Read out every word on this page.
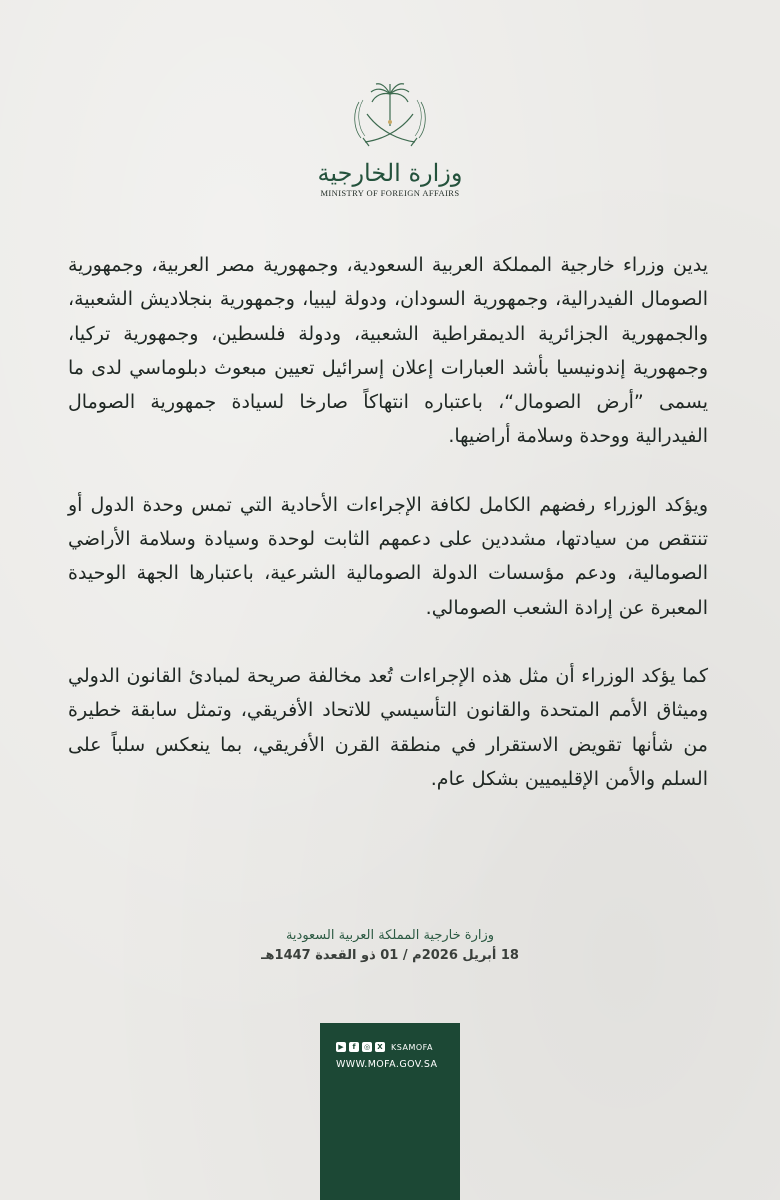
وزارة الخارجية
MINISTRY OF FOREIGN AFFAIRS

يدين وزراء خارجية المملكة العربية السعودية، وجمهورية مصر العربية، وجمهورية الصومال الفيدرالية، وجمهورية السودان، ودولة ليبيا، وجمهورية بنجلاديش الشعبية، والجمهورية الجزائرية الديمقراطية الشعبية، ودولة فلسطين، وجمهورية تركيا، وجمهورية إندونيسيا بأشد العبارات إعلان إسرائيل تعيين مبعوث دبلوماسي لدى ما يسمى ”أرض الصومال“، باعتباره انتهاكاً صارخا لسيادة جمهورية الصومال الفيدرالية ووحدة وسلامة أراضيها.

ويؤكد الوزراء رفضهم الكامل لكافة الإجراءات الأحادية التي تمس وحدة الدول أو تنتقص من سيادتها، مشددين على دعمهم الثابت لوحدة وسيادة وسلامة الأراضي الصومالية، ودعم مؤسسات الدولة الصومالية الشرعية، باعتبارها الجهة الوحيدة المعبرة عن إرادة الشعب الصومالي.

كما يؤكد الوزراء أن مثل هذه الإجراءات تُعد مخالفة صريحة لمبادئ القانون الدولي وميثاق الأمم المتحدة والقانون التأسيسي للاتحاد الأفريقي، وتمثل سابقة خطيرة من شأنها تقويض الاستقرار في منطقة القرن الأفريقي، بما ينعكس سلباً على السلم والأمن الإقليميين بشكل عام.

وزارة خارجية المملكة العربية السعودية
18 أبريل 2026م / 01 ذو القعدة 1447هـ
▶	f	◎	X KSAMOFA
WWW.MOFA.GOV.SA
